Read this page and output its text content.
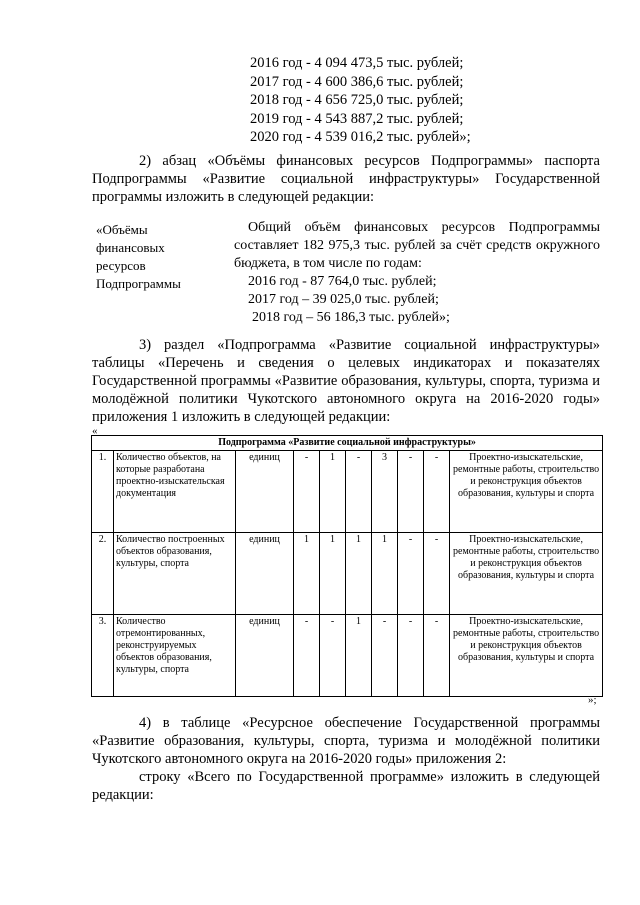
2016 год - 4 094 473,5 тыс. рублей;
2017 год - 4 600 386,6 тыс. рублей;
2018 год - 4 656 725,0 тыс. рублей;
2019 год - 4 543 887,2 тыс. рублей;
2020 год - 4 539 016,2 тыс. рублей»;
2) абзац «Объёмы финансовых ресурсов Подпрограммы» паспорта Подпрограммы «Развитие социальной инфраструктуры» Государственной программы изложить в следующей редакции:
«Объёмы
финансовых
ресурсов
Подпрограммы
Общий объём финансовых ресурсов Подпрограммы составляет 182 975,3 тыс. рублей за счёт средств окружного бюджета, в том числе по годам:
2016 год - 87 764,0 тыс. рублей;
2017 год – 39 025,0 тыс. рублей;
2018 год – 56 186,3 тыс. рублей»;
3) раздел «Подпрограмма «Развитие социальной инфраструктуры» таблицы «Перечень и сведения о целевых индикаторах и показателях Государственной программы «Развитие образования, культуры, спорта, туризма и молодёжной политики Чукотского автономного округа на 2016-2020 годы» приложения 1 изложить в следующей редакции:
«
Подпрограмма «Развитие социальной инфраструктуры»									
1.	Количество объектов, на которые разработана проектно-изыскательская документация	единиц	-	1	-	3	-	-	Проектно-изыскательские, ремонтные работы, строительство и реконструкция объектов образования, культуры и спорта
2.	Количество построенных объектов образования, культуры, спорта	единиц	1	1	1	1	-	-	Проектно-изыскательские, ремонтные работы, строительство и реконструкция объектов образования, культуры и спорта
3.	Количество отремонтированных, реконструируемых объектов образования, культуры, спорта	единиц	-	-	1	-	-	-	Проектно-изыскательские, ремонтные работы, строительство и реконструкция объектов образования, культуры и спорта
»;
4) в таблице «Ресурсное обеспечение Государственной программы «Развитие образования, культуры, спорта, туризма и молодёжной политики Чукотского автономного округа на 2016-2020 годы» приложения 2:
строку «Всего по Государственной программе» изложить в следующей редакции:
